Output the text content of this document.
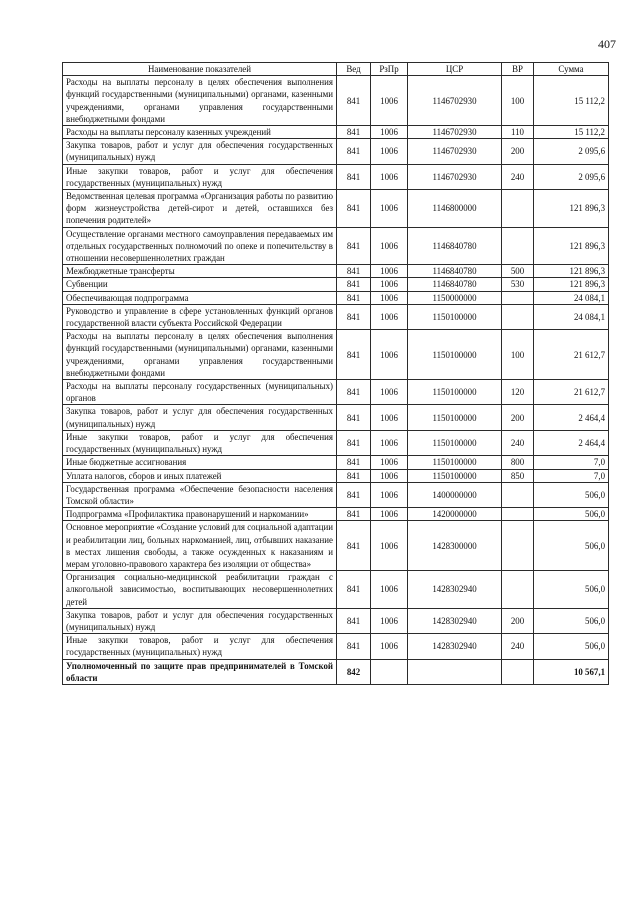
407
Наименование показателей	Вед	РзПр	ЦСР	ВР	Сумма
Расходы на выплаты персоналу в целях обеспечения выполнения функций государственными (муниципальными) органами, казенными учреждениями, органами управления государственными внебюджетными фондами	841	1006	1146702930	100	15 112,2
Расходы на выплаты персоналу казенных учреждений	841	1006	1146702930	110	15 112,2
Закупка товаров, работ и услуг для обеспечения государственных (муниципальных) нужд	841	1006	1146702930	200	2 095,6
Иные закупки товаров, работ и услуг для обеспечения государственных (муниципальных) нужд	841	1006	1146702930	240	2 095,6
Ведомственная целевая программа «Организация работы по развитию форм жизнеустройства детей-сирот и детей, оставшихся без попечения родителей»	841	1006	1146800000		121 896,3
Осуществление органами местного самоуправления передаваемых им отдельных государственных полномочий по опеке и попечительству в отношении несовершеннолетних граждан	841	1006	1146840780		121 896,3
Межбюджетные трансферты	841	1006	1146840780	500	121 896,3
Субвенции	841	1006	1146840780	530	121 896,3
Обеспечивающая подпрограмма	841	1006	1150000000		24 084,1
Руководство и управление в сфере установленных функций органов государственной власти субъекта Российской Федерации	841	1006	1150100000		24 084,1
Расходы на выплаты персоналу в целях обеспечения выполнения функций государственными (муниципальными) органами, казенными учреждениями, органами управления государственными внебюджетными фондами	841	1006	1150100000	100	21 612,7
Расходы на выплаты персоналу государственных (муниципальных) органов	841	1006	1150100000	120	21 612,7
Закупка товаров, работ и услуг для обеспечения государственных (муниципальных) нужд	841	1006	1150100000	200	2 464,4
Иные закупки товаров, работ и услуг для обеспечения государственных (муниципальных) нужд	841	1006	1150100000	240	2 464,4
Иные бюджетные ассигнования	841	1006	1150100000	800	7,0
Уплата налогов, сборов и иных платежей	841	1006	1150100000	850	7,0
Государственная программа «Обеспечение безопасности населения Томской области»	841	1006	1400000000		506,0
Подпрограмма «Профилактика правонарушений и наркомании»	841	1006	1420000000		506,0
Основное мероприятие «Создание условий для социальной адаптации и реабилитации лиц, больных наркоманией, лиц, отбывших наказание в местах лишения свободы, а также осужденных к наказаниям и мерам уголовно-правового характера без изоляции от общества»	841	1006	1428300000		506,0
Организация социально-медицинской реабилитации граждан с алкогольной зависимостью, воспитывающих несовершеннолетних детей	841	1006	1428302940		506,0
Закупка товаров, работ и услуг для обеспечения государственных (муниципальных) нужд	841	1006	1428302940	200	506,0
Иные закупки товаров, работ и услуг для обеспечения государственных (муниципальных) нужд	841	1006	1428302940	240	506,0
Уполномоченный по защите прав предпринимателей в Томской области	842				10 567,1
